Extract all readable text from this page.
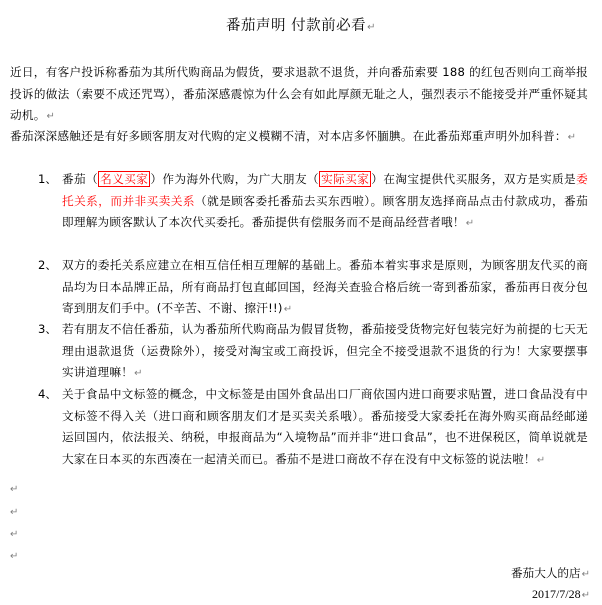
番茄声明 付款前必看↵
近日，有客户投诉称番茄为其所代购商品为假货，要求退款不退货，并向番茄索要 188 的红包否则向工商举报投诉的做法（索要不成还咒骂），番茄深感震惊为什么会有如此厚颜无耻之人，强烈表示不能接受并严重怀疑其动机。↵
番茄深深感触还是有好多顾客朋友对代购的定义模糊不清，对本店多怀腼腆。在此番茄郑重声明外加科普：↵
1、 番茄（ 名义买家 ）作为海外代购，为广大朋友（ 实际买家 ）在淘宝提供代买服务，双方是实质是委托关系，而并非买卖关系（就是顾客委托番茄去买东西啦）。顾客朋友选择商品点击付款成功，番茄即理解为顾客默认了本次代买委托。番茄提供有偿服务而不是商品经营者哦！↵
2、 双方的委托关系应建立在相互信任相互理解的基础上。番茄本着实事求是原则，为顾客朋友代买的商品均为日本品牌正品，所有商品打包直邮回国，经海关查验合格后统一寄到番茄家，番茄再日夜分包寄到朋友们手中。(不辛苦、不谢、擦汗!!)↵
3、 若有朋友不信任番茄，认为番茄所代购商品为假冒货物，番茄接受货物完好包装完好为前提的七天无理由退款退货（运费除外），接受对淘宝或工商投诉，但完全不接受退款不退货的行为！大家要摆事实讲道理嘛！↵
4、 关于食品中文标签的概念，中文标签是由国外食品出口厂商依国内进口商要求贴置，进口食品没有中文标签不得入关（进口商和顾客朋友们才是买卖关系哦）。番茄接受大家委托在海外购买商品经邮递运回国内，依法报关、纳税，申报商品为“入境物品”而并非“进口食品”，也不进保税区，简单说就是大家在日本买的东西凑在一起清关而已。番茄不是进口商故不存在没有中文标签的说法啦！↵
↵
↵
↵
↵
番茄大人的店↵
2017/7/28↵
